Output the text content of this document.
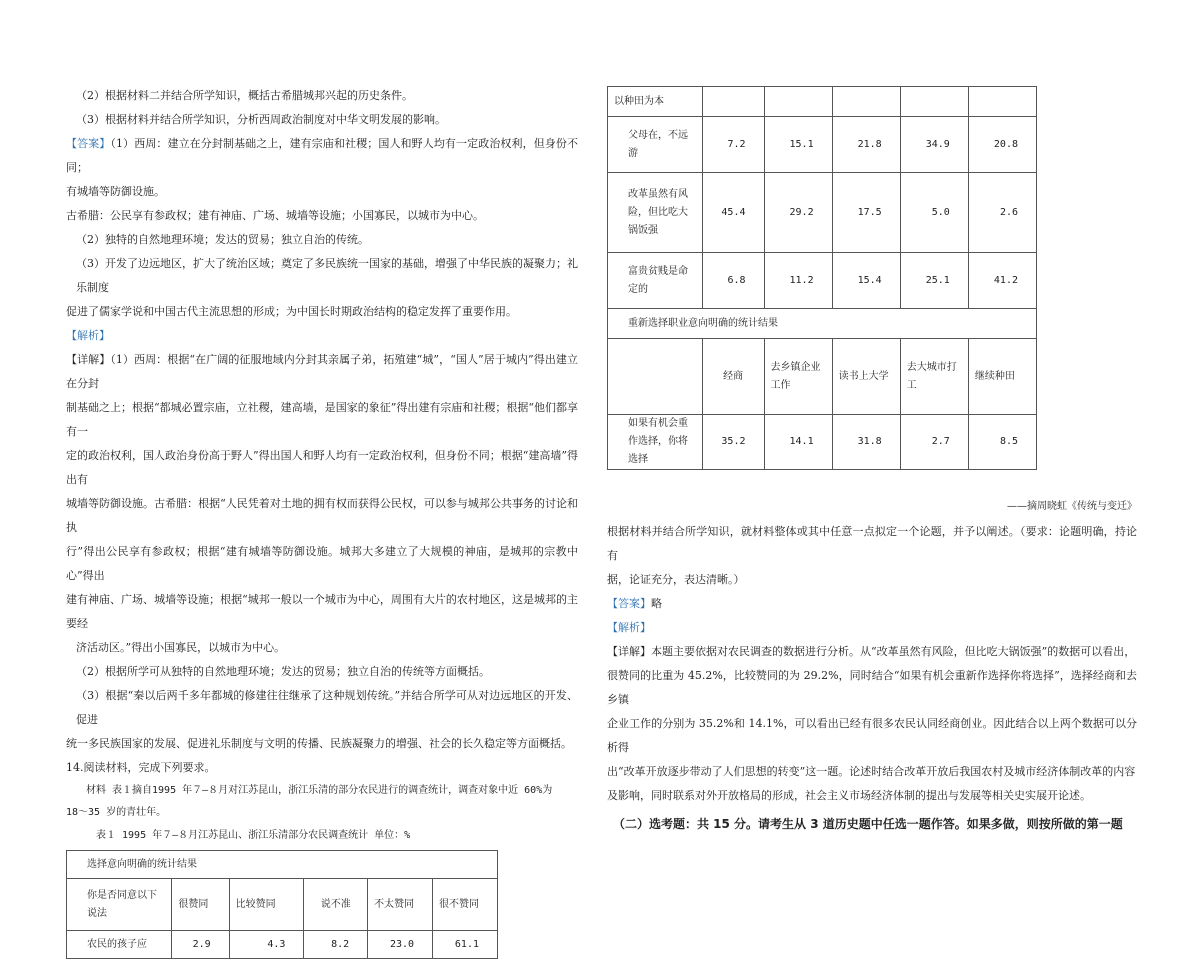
（2）根据材料二并结合所学知识，概括古希腊城邦兴起的历史条件。

（3）根据材料并结合所学知识，分析西周政治制度对中华文明发展的影响。

【答案】（1）西周：建立在分封制基础之上，建有宗庙和社稷；国人和野人均有一定政治权利，但身份不同；

有城墙等防御设施。

古希腊：公民享有参政权；建有神庙、广场、城墙等设施；小国寡民，以城市为中心。

（2）独特的自然地理环境；发达的贸易；独立自治的传统。

（3）开发了边远地区，扩大了统治区域；奠定了多民族统一国家的基础，增强了中华民族的凝聚力；礼乐制度

促进了儒家学说和中国古代主流思想的形成；为中国长时期政治结构的稳定发挥了重要作用。

【解析】

【详解】（1）西周：根据“在广阔的征服地域内分封其亲属子弟，拓殖建“城”，“国人”居于城内”得出建立在分封

制基础之上；根据“都城必置宗庙，立社稷，建高墙，是国家的象征”得出建有宗庙和社稷；根据“他们都享有一

定的政治权利，国人政治身份高于野人”得出国人和野人均有一定政治权利，但身份不同；根据“建高墙”得出有

城墙等防御设施。古希腊：根据“人民凭着对土地的拥有权而获得公民权，可以参与城邦公共事务的讨论和执

行”得出公民享有参政权；根据“建有城墙等防御设施。城邦大多建立了大规模的神庙，是城邦的宗教中心”得出

建有神庙、广场、城墙等设施；根据“城邦一般以一个城市为中心，周围有大片的农村地区，这是城邦的主要经

济活动区。”得出小国寡民，以城市为中心。

（2）根据所学可从独特的自然地理环境；发达的贸易；独立自治的传统等方面概括。

（3）根据“秦以后两千多年都城的修建往往继承了这种规划传统。”并结合所学可从对边远地区的开发、 促进

统一多民族国家的发展、促进礼乐制度与文明的传播、民族凝聚力的增强、社会的长久稳定等方面概括。

14.阅读材料，完成下列要求。

材料 表１摘自1995 年７—８月对江苏昆山，浙江乐清的部分农民进行的调查统计，调查对象中近 60%为

18～35 岁的青壮年。

表１ 1995 年７—８月江苏昆山、浙江乐清部分农民调查统计 单位：%

选择意向明确的统计结果					
你是否同意以下说法	很赞同	比较赞同	说不准	不太赞同	很不赞同
农民的孩子应	2.9	4.3	8.2	23.0	61.1
以种田为本					
父母在，不远游	7.2	15.1	21.8	34.9	20.8
改革虽然有风险，但比吃大锅饭强	45.4	29.2	17.5	5.0	2.6
富贵贫贱是命定的	6.8	11.2	15.4	25.1	41.2
重新选择职业意向明确的统计结果					
	经商	去乡镇企业工作	读书上大学	去大城市打工	继续种田
如果有机会重作选择，你将选择	35.2	14.1	31.8	2.7	8.5

——摘周晓虹《传统与变迁》

根据材料并结合所学知识，就材料整体或其中任意一点拟定一个论题，并予以阐述。（要求：论题明确，持论有

据，论证充分，表达清晰。）

【答案】略

【解析】

【详解】本题主要依据对农民调查的数据进行分析。从“改革虽然有风险，但比吃大锅饭强”的数据可以看出，

很赞同的比重为 45.2%，比较赞同的为 29.2%，同时结合“如果有机会重新作选择你将选择”，选择经商和去乡镇

企业工作的分别为 35.2%和 14.1%，可以看出已经有很多农民认同经商创业。因此结合以上两个数据可以分析得

出“改革开放逐步带动了人们思想的转变”这一题。论述时结合改革开放后我国农村及城市经济体制改革的内容

及影响，同时联系对外开放格局的形成，社会主义市场经济体制的提出与发展等相关史实展开论述。

（二）选考题：共 15 分。请考生从 3 道历史题中任选一题作答。如果多做，则按所做的第一题
